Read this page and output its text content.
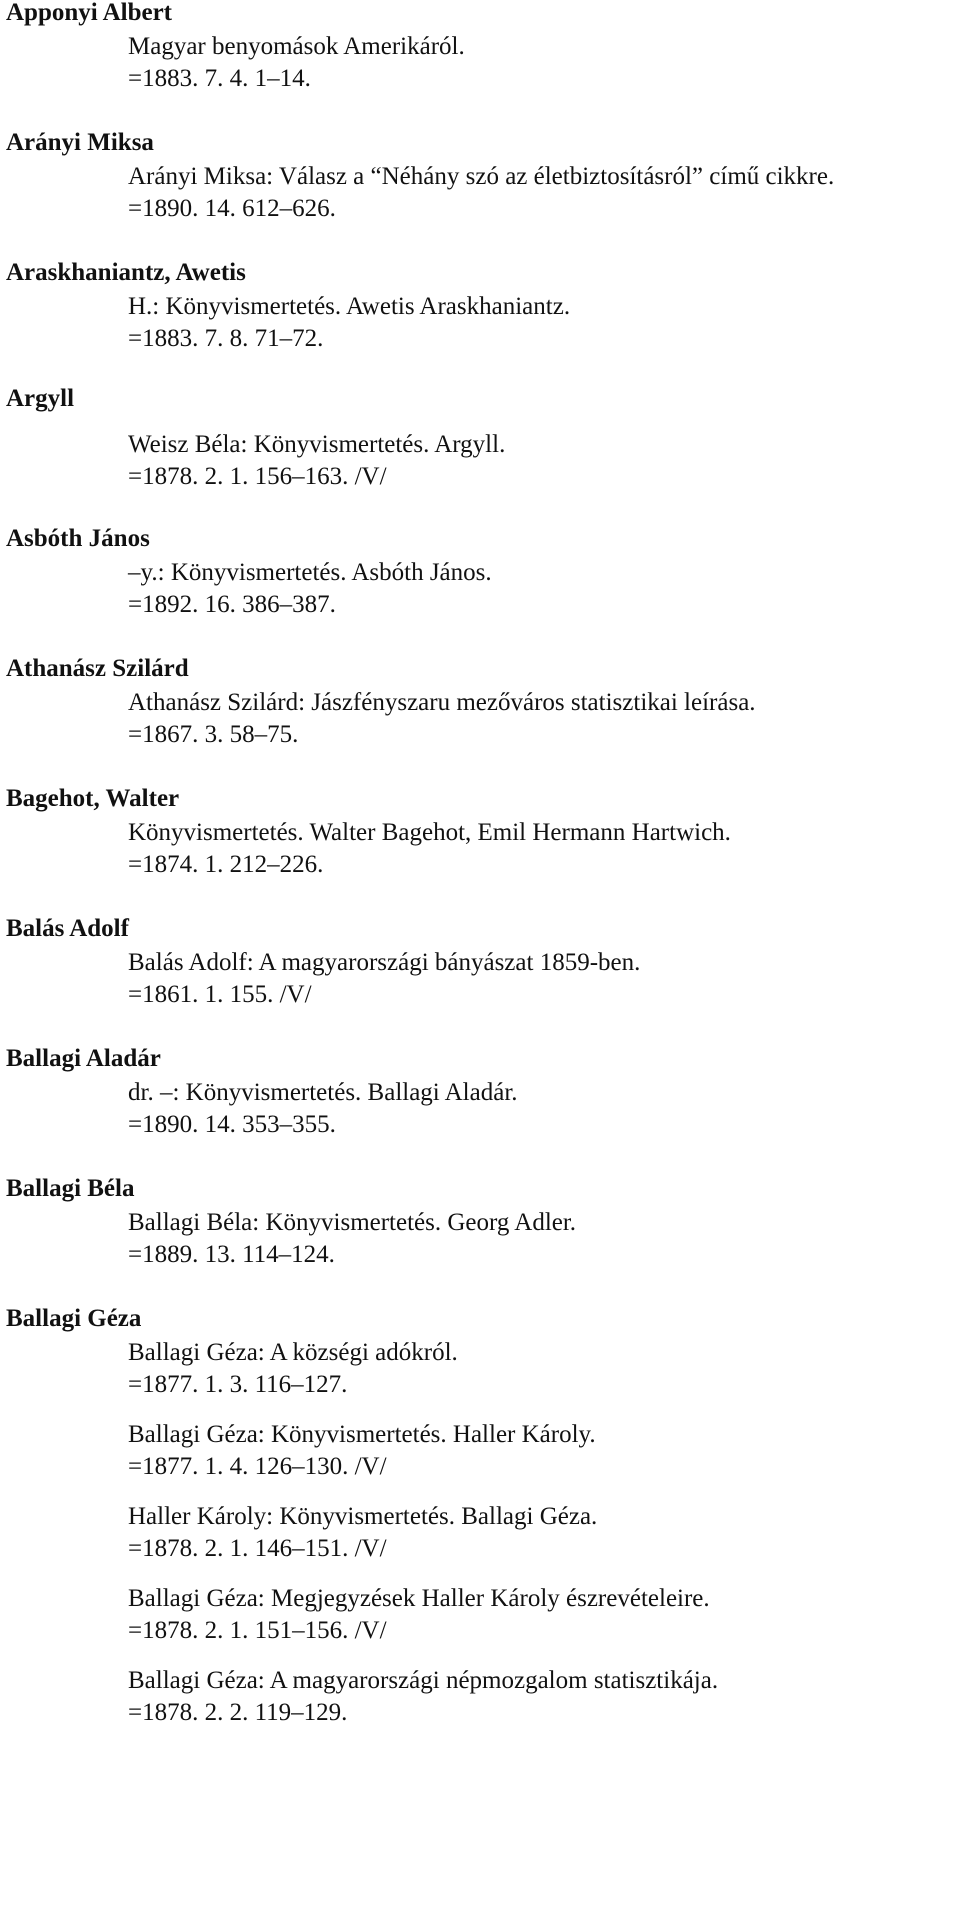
Apponyi Albert
Magyar benyomások Amerikáról.
=1883. 7. 4. 1–14.
Arányi Miksa
Arányi Miksa: Válasz a “Néhány szó az életbiztosításról” című cikkre.
=1890. 14. 612–626.
Araskhaniantz, Awetis
H.: Könyvismertetés. Awetis Araskhaniantz.
=1883. 7. 8. 71–72.
Argyll
Weisz Béla: Könyvismertetés. Argyll.
=1878. 2. 1. 156–163. /V/
Asbóth János
–y.: Könyvismertetés. Asbóth János.
=1892. 16. 386–387.
Athanász Szilárd
Athanász Szilárd: Jászfényszaru mezőváros statisztikai leírása.
=1867. 3. 58–75.
Bagehot, Walter
Könyvismertetés. Walter Bagehot, Emil Hermann Hartwich.
=1874. 1. 212–226.
Balás Adolf
Balás Adolf: A magyarországi bányászat 1859-ben.
=1861. 1. 155. /V/
Ballagi Aladár
dr. –: Könyvismertetés. Ballagi Aladár.
=1890. 14. 353–355.
Ballagi Béla
Ballagi Béla: Könyvismertetés. Georg Adler.
=1889. 13. 114–124.
Ballagi Géza
Ballagi Géza: A községi adókról.
=1877. 1. 3. 116–127.
Ballagi Géza: Könyvismertetés. Haller Károly.
=1877. 1. 4. 126–130. /V/
Haller Károly: Könyvismertetés. Ballagi Géza.
=1878. 2. 1. 146–151. /V/
Ballagi Géza: Megjegyzések Haller Károly észrevételeire.
=1878. 2. 1. 151–156. /V/
Ballagi Géza: A magyarországi népmozgalom statisztikája.
=1878. 2. 2. 119–129.
